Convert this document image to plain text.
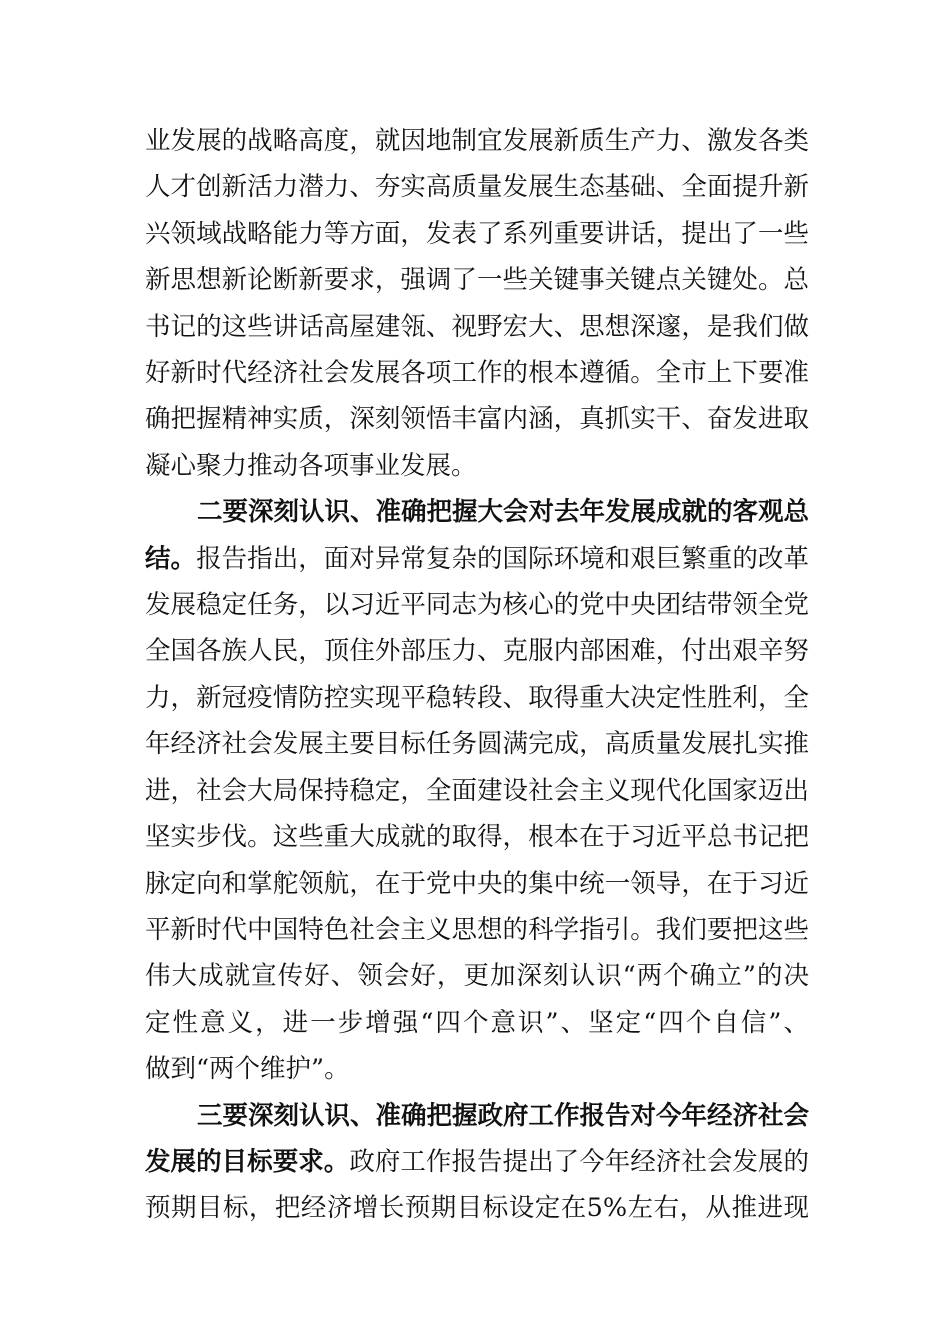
业发展的战略高度，就因地制宜发展新质生产力、激发各类
人才创新活力潜力、夯实高质量发展生态基础、全面提升新
兴领域战略能力等方面，发表了系列重要讲话，提出了一些
新思想新论断新要求，强调了一些关键事关键点关键处。总
书记的这些讲话高屋建瓴、视野宏大、思想深邃，是我们做
好新时代经济社会发展各项工作的根本遵循。全市上下要准
确把握精神实质，深刻领悟丰富内涵，真抓实干、奋发进取
凝心聚力推动各项事业发展。
二要深刻认识、准确把握大会对去年发展成就的客观总
结。报告指出，面对异常复杂的国际环境和艰巨繁重的改革
发展稳定任务，以习近平同志为核心的党中央团结带领全党
全国各族人民，顶住外部压力、克服内部困难，付出艰辛努
力，新冠疫情防控实现平稳转段、取得重大决定性胜利，全
年经济社会发展主要目标任务圆满完成，高质量发展扎实推
进，社会大局保持稳定，全面建设社会主义现代化国家迈出
坚实步伐。这些重大成就的取得，根本在于习近平总书记把
脉定向和掌舵领航，在于党中央的集中统一领导，在于习近
平新时代中国特色社会主义思想的科学指引。我们要把这些
伟大成就宣传好、领会好，更加深刻认识“两个确立”的决
定性意义，进一步增强“四个意识”、坚定“四个自信”、
做到“两个维护”。
三要深刻认识、准确把握政府工作报告对今年经济社会
发展的目标要求。政府工作报告提出了今年经济社会发展的
预期目标，把经济增长预期目标设定在5%左右，从推进现
